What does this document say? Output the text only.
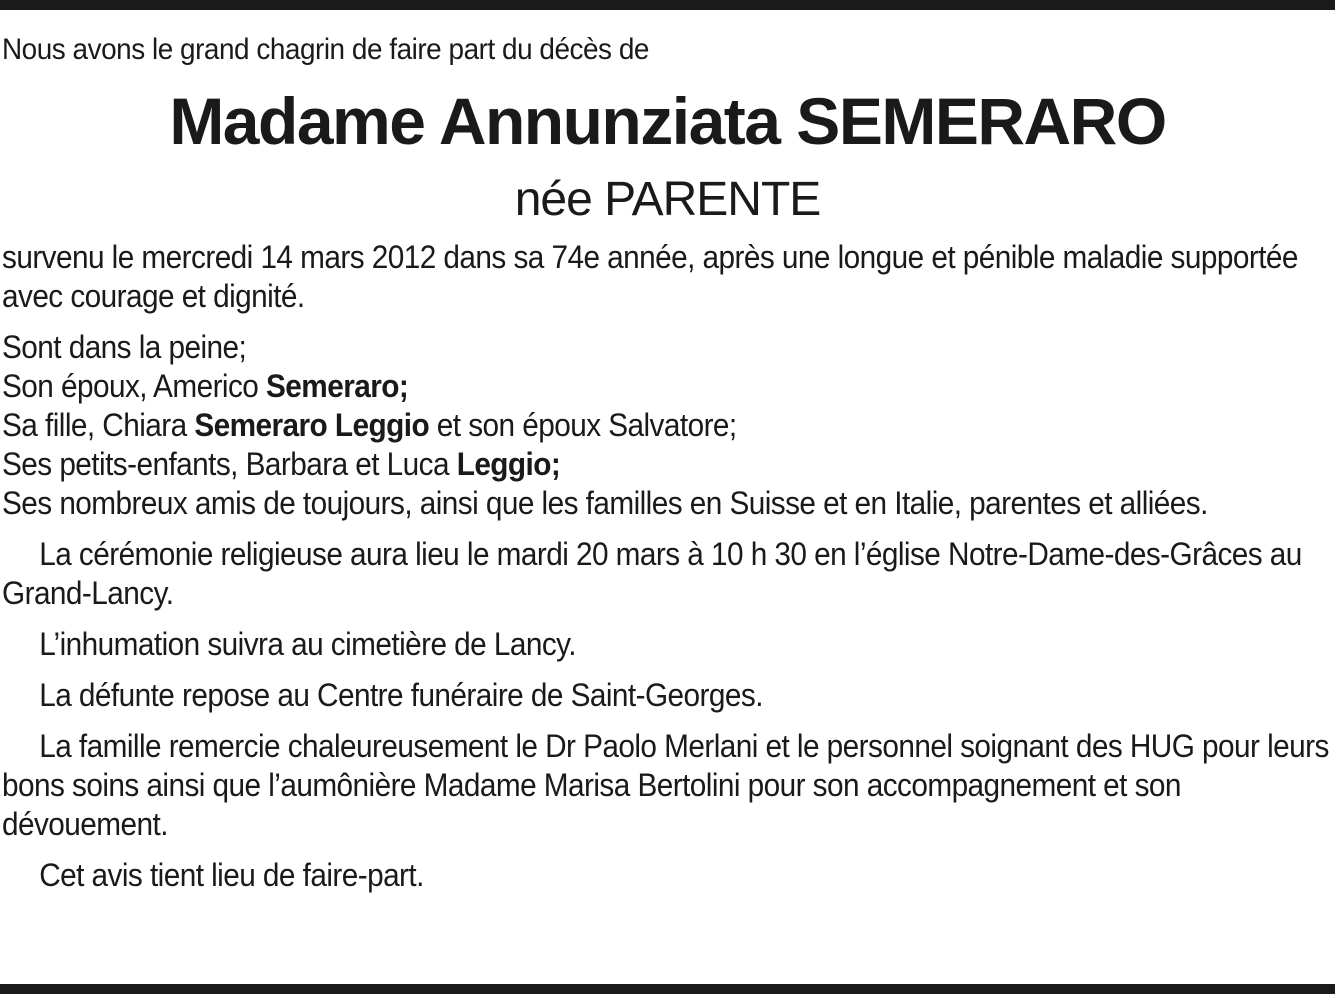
Nous avons le grand chagrin de faire part du décès de

Madame Annunziata SEMERARO
née PARENTE

survenu le mercredi 14 mars 2012 dans sa 74e année, après une longue et pénible maladie supportée avec courage et dignité.

Sont dans la peine;

Son époux, Americo Semeraro;

Sa fille, Chiara Semeraro Leggio et son époux Salvatore;

Ses petits-enfants, Barbara et Luca Leggio;

Ses nombreux amis de toujours, ainsi que les familles en Suisse et en Italie, parentes et alliées.

La cérémonie religieuse aura lieu le mardi 20 mars à 10 h 30 en l’église Notre-Dame-des-Grâces au Grand-Lancy.

L’inhumation suivra au cimetière de Lancy.

La défunte repose au Centre funéraire de Saint-Georges.

La famille remercie chaleureusement le Dr Paolo Merlani et le personnel soignant des HUG pour leurs bons soins ainsi que l’aumônière Madame Marisa Bertolini pour son accompagnement et son dévouement.

Cet avis tient lieu de faire-part.
